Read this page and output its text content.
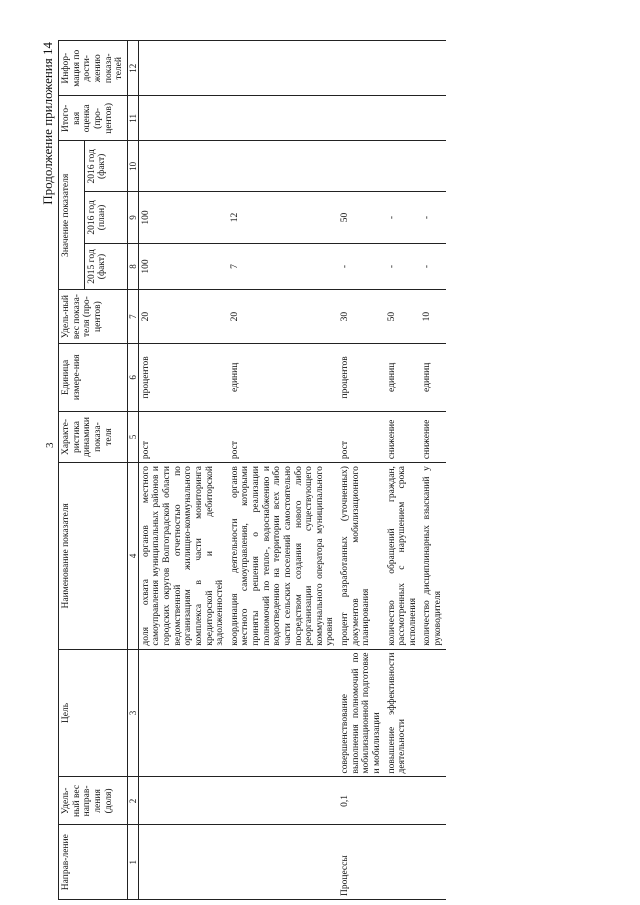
3
Продолжение приложения 14
Направ-ление	Удель-ный вес направ-ления (доля)	Цель	Наименование показателя	Характе-ристика динамики показа-теля	Единица измере-ния	Удель-ный вес показа-теля (про-центов)	Значение показателя			Итого-вая оценка (про-центов)	Инфор-мация по дости-жению показа-телей
							2015 год (факт)	2016 год (план)	2016 год (факт)		
1	2	3	4	5	6	7	8	9	10	11	12
			доля охвата органов местного самоуправления муниципальных районов и городских округов Волгоградской области ведомственной отчетностью по организациям жилищно-коммунального комплекса в части мониторинга кредиторской и дебиторской задолженностей	рост	процентов	20	100	100			
			координация деятельности органов местного самоуправления, которыми приняты решения о реализации полномочий по тепло-, водоснабжению и водоотведению на территории всех либо части сельских поселений самостоятельно посредством создания нового либо реорганизации существующего коммунального оператора муниципального уровня	рост	единиц	20	7	12			
Процессы	0,1	совершенствование выполнения полномочий по мобилизационной подготовке и мобилизации	процент разработанных (уточненных) документов мобилизационного планирования	рост	процентов	30	-	50			
		повышение эффективности деятельности	количество обращений граждан, рассмотренных с нарушением срока исполнения	снижение	единиц	50	-	-			
			количество дисциплинарных взысканий у руководителя	снижение	единиц	10	-	-			
